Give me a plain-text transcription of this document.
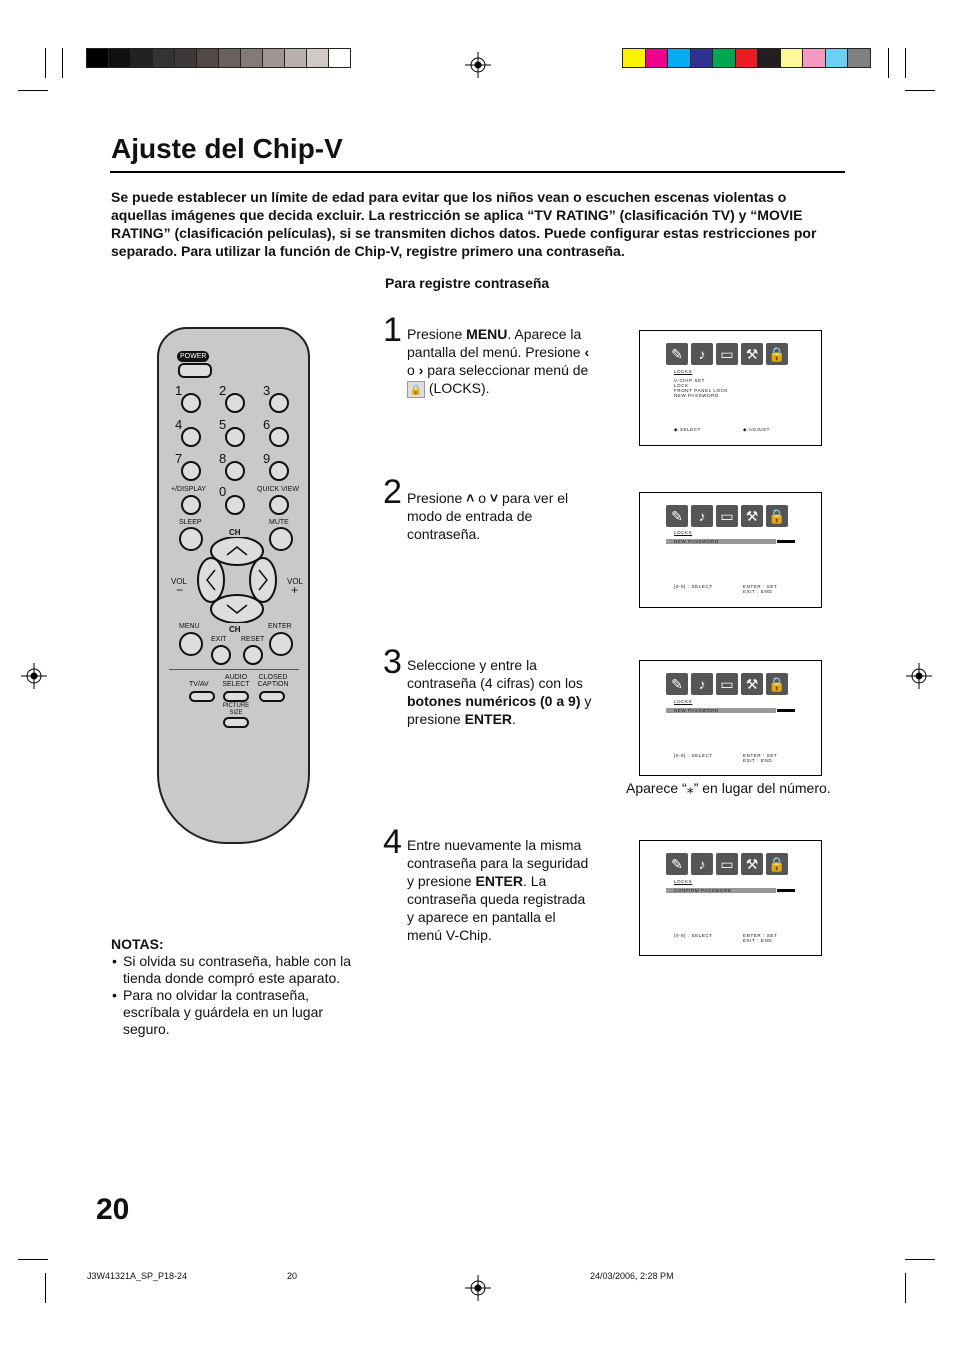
Ajuste del Chip-V
Se puede establecer un límite de edad para evitar que los niños vean o escuchen escenas violentas o aquellas imágenes que decida excluir. La restricción se aplica “TV RATING” (clasificación TV) y “MOVIE RATING” (clasificación películas), si se transmiten dichos datos. Puede configurar estas restricciones por separado. Para utilizar la función de Chip-V, registre primero una contraseña.
Para registre contraseña
1 Presione MENU. Aparece la pantalla del menú. Presione ‹ o › para seleccionar menú de 🔒 (LOCKS).
2 Presione ˄ o ˅ para ver el modo de entrada de contraseña.
3 Seleccione y entre la contraseña (4 cifras) con los botones numéricos (0 a 9) y presione ENTER.
4 Entre nuevamente la misma contraseña para la seguridad y presione ENTER. La contraseña queda registrada y aparece en pantalla el menú V-Chip.
✎	♪	▭ ⚒ 🔒
LOCKS
V-CHIP SET
LOCK
FRONT PANEL LOCK
NEW PASSWORD
◆:SELECT	◆:ADJUST
✎	♪	▭ ⚒ 🔒
LOCKS
NEW PASSWORD
[0-9] : SELECT	ENTER : SET
EXIT : END
✎	♪	▭ ⚒ 🔒
LOCKS
NEW PASSWORD
[0-9] : SELECT	ENTER : SET
EXIT : END
Aparece “⁎” en lugar del número.
✎	♪	▭ ⚒ 🔒
LOCKS
CONFIRM PASSWORD
[0-9] : SELECT	ENTER : SET
EXIT : END
POWER
1	2	3
4	5	6
7	8	9
+/DISPLAY 0	QUICK VIEW
SLEEP	MUTE
CH
VOL	VOL
−	+
MENU	CH	ENTER
EXIT RESET
AUDIO SELECT
CLOSED CAPTION
TV/AV
PICTURE SIZE
NOTAS:
• Si olvida su contraseña, hable con la tienda donde compró este aparato.
• Para no olvidar la contraseña, escríbala y guárdela en un lugar seguro.
20
J3W41321A_SP_P18-24	20	24/03/2006, 2:28 PM
